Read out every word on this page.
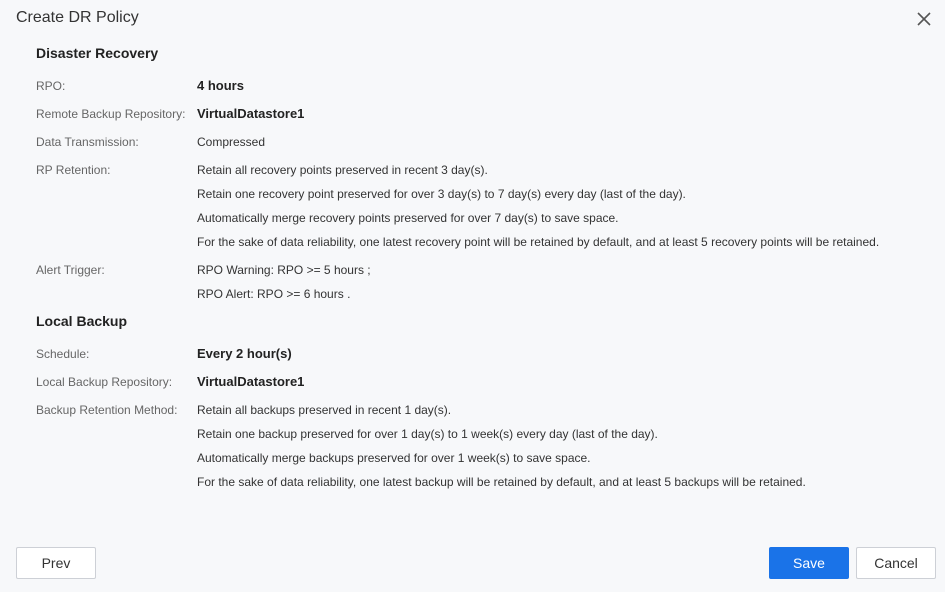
Create DR Policy
Disaster Recovery
RPO:	4 hours
Remote Backup Repository: VirtualDatastore1
Data Transmission:	Compressed
RP Retention:	Retain all recovery points preserved in recent 3 day(s).
Retain one recovery point preserved for over 3 day(s) to 7 day(s) every day (last of the day).
Automatically merge recovery points preserved for over 7 day(s) to save space.
For the sake of data reliability, one latest recovery point will be retained by default, and at least 5 recovery points will be retained.
Alert Trigger:	RPO Warning: RPO >= 5 hours ;
RPO Alert: RPO >= 6 hours .
Local Backup
Schedule:	Every 2 hour(s)
Local Backup Repository: VirtualDatastore1
Backup Retention Method: Retain all backups preserved in recent 1 day(s).
Retain one backup preserved for over 1 day(s) to 1 week(s) every day (last of the day).
Automatically merge backups preserved for over 1 week(s) to save space.
For the sake of data reliability, one latest backup will be retained by default, and at least 5 backups will be retained.
Prev	Save	Cancel
